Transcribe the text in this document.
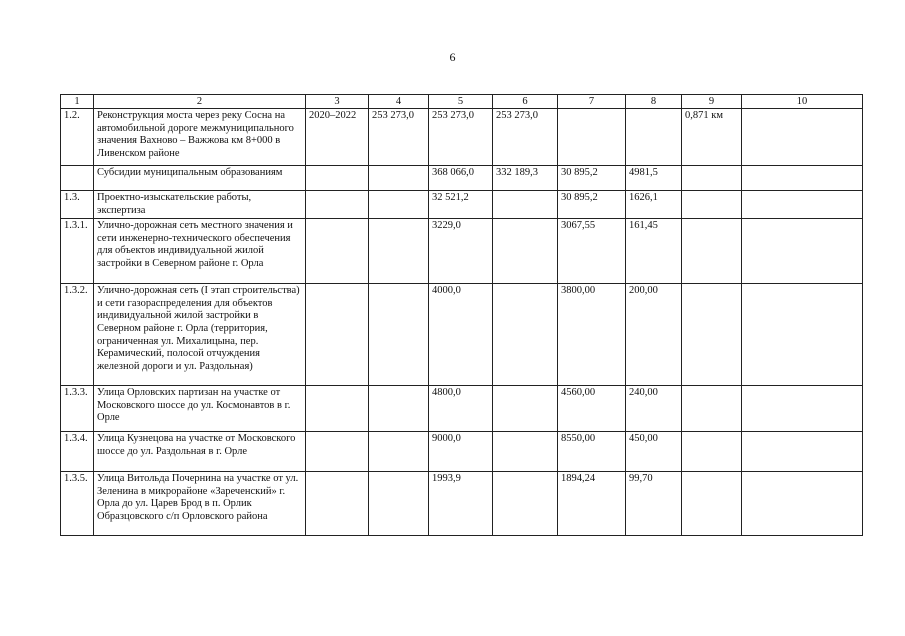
6
1	2	3	4	5	6	7	8	9	10
1.2.	Реконструкция моста через реку Сосна на автомобильной дороге межмуниципального значения Вахново – Важжова км 8+000 в Ливенском районе	2020–2022	253 273,0	253 273,0	253 273,0			0,871 км	
	Субсидии муниципальным образованиям			368 066,0	332 189,3	30 895,2	4981,5		
1.3.	Проектно-изыскательские работы, экспертиза			32 521,2		30 895,2	1626,1		
1.3.1.	Улично-дорожная сеть местного значения и сети инженерно-технического обеспечения для объектов индивидуальной жилой застройки в Северном районе г. Орла			3229,0		3067,55	161,45		
1.3.2.	Улично-дорожная сеть (I этап строительства) и сети газораспределения для объектов индивидуальной жилой застройки в Северном районе г. Орла (территория, ограниченная ул. Михалицына, пер. Керамический, полосой отчуждения железной дороги и ул. Раздольная)			4000,0		3800,00	200,00		
1.3.3.	Улица Орловских партизан на участке от Московского шоссе до ул. Космонавтов в г. Орле			4800,0		4560,00	240,00		
1.3.4.	Улица Кузнецова на участке от Московского шоссе до ул. Раздольная в г. Орле			9000,0		8550,00	450,00		
1.3.5.	Улица Витольда Почернина на участке от ул. Зеленина в микрорайоне «Зареченский» г. Орла до ул. Царев Брод в п. Орлик Образцовского с/п Орловского района			1993,9		1894,24	99,70		
